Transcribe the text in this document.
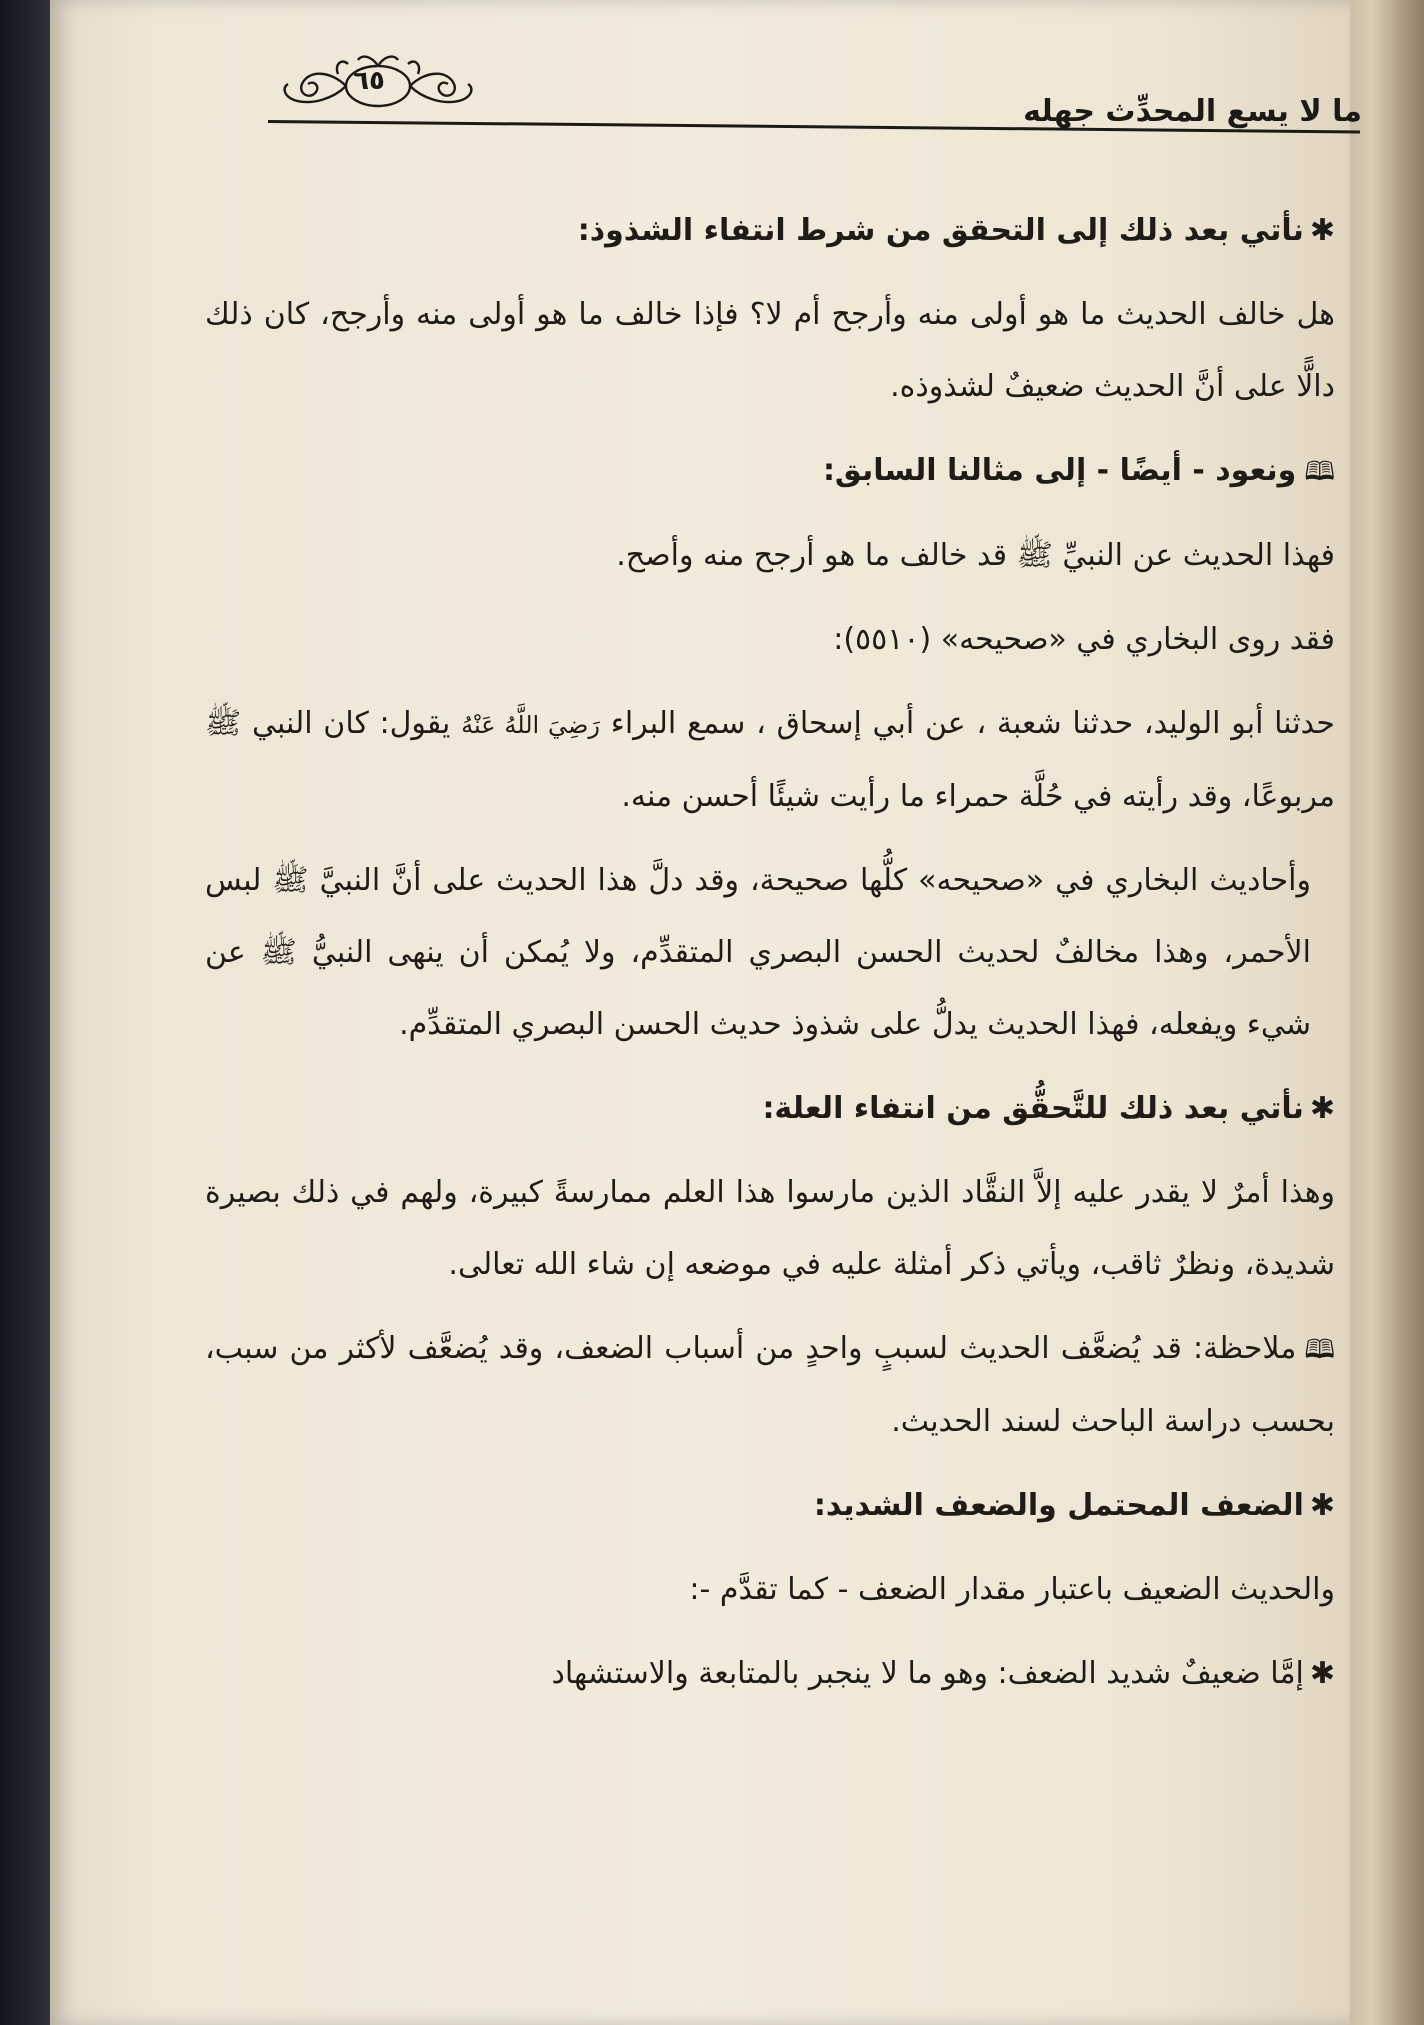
٦٥
ما لا يسع المحدِّث جهله

✱نأتي بعد ذلك إلى التحقق من شرط انتفاء الشذوذ:

هل خالف الحديث ما هو أولى منه وأرجح أم لا؟ فإذا خالف ما هو أولى منه وأرجح، كان ذلك دالًّا على أنَّ الحديث ضعيفٌ لشذوذه.

🕮ونعود - أيضًا - إلى مثالنا السابق:

فهذا الحديث عن النبيِّ ﷺ قد خالف ما هو أرجح منه وأصح.

فقد روى البخاري في «صحيحه» (٥٥١٠):

حدثنا أبو الوليد، حدثنا شعبة ، عن أبي إسحاق ، سمع البراء رَضِيَ اللَّهُ عَنْهُ يقول: كان النبي ﷺ مربوعًا، وقد رأيته في حُلَّة حمراء ما رأيت شيئًا أحسن منه.

وأحاديث البخاري في «صحيحه» كلُّها صحيحة، وقد دلَّ هذا الحديث على أنَّ النبيَّ ﷺ لبس الأحمر، وهذا مخالفٌ لحديث الحسن البصري المتقدِّم، ولا يُمكن أن ينهى النبيُّ ﷺ عن شيء ويفعله، فهذا الحديث يدلُّ على شذوذ حديث الحسن البصري المتقدِّم.

✱نأتي بعد ذلك للتَّحقُّق من انتفاء العلة:

وهذا أمرٌ لا يقدر عليه إلاَّ النقَّاد الذين مارسوا هذا العلم ممارسةً كبيرة، ولهم في ذلك بصيرة شديدة، ونظرٌ ثاقب، ويأتي ذكر أمثلة عليه في موضعه إن شاء الله تعالى.

🕮ملاحظة: قد يُضعَّف الحديث لسببٍ واحدٍ من أسباب الضعف، وقد يُضعَّف لأكثر من سبب، بحسب دراسة الباحث لسند الحديث.

✱الضعف المحتمل والضعف الشديد:

والحديث الضعيف باعتبار مقدار الضعف - كما تقدَّم -:

✱إمَّا ضعيفٌ شديد الضعف: وهو ما لا ينجبر بالمتابعة والاستشهاد
